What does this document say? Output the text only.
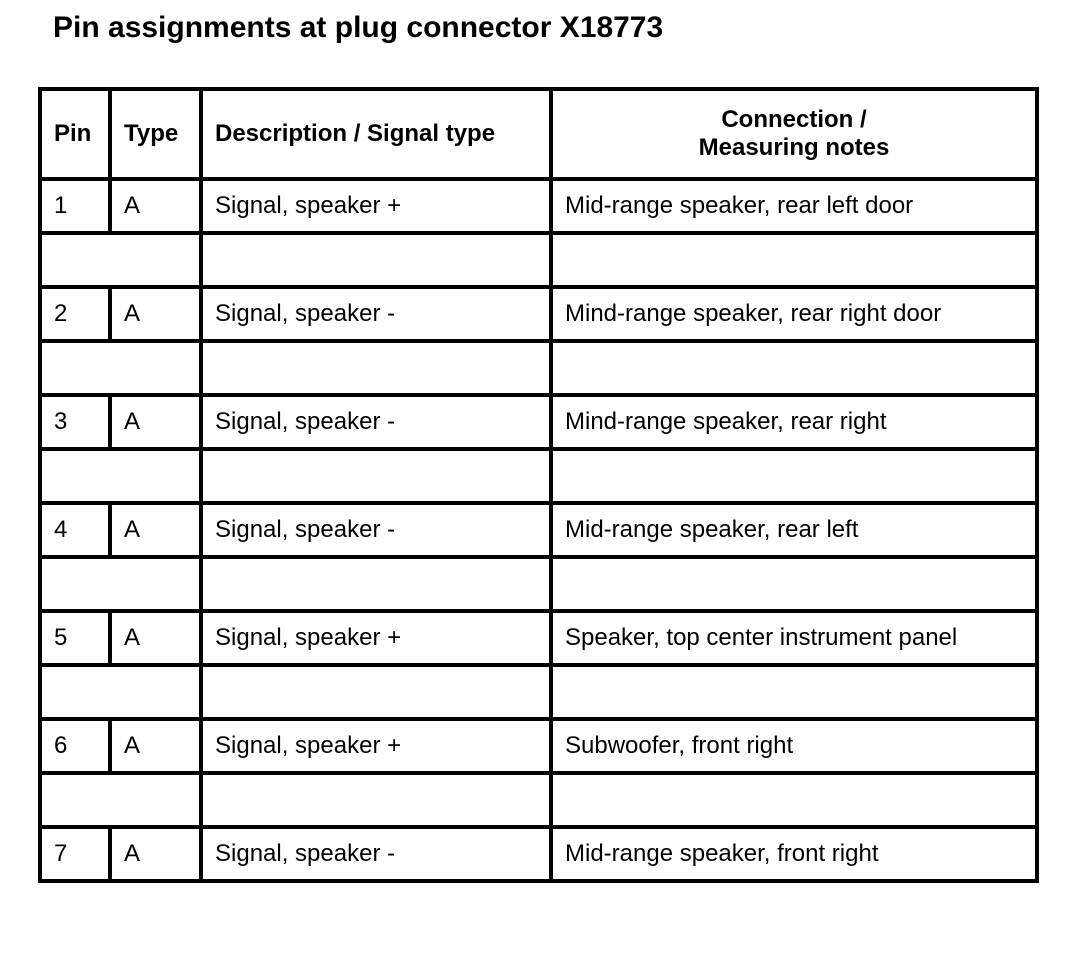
Pin assignments at plug connector X18773
Pin	Type	Description / Signal type	Connection /
Measuring notes
1	A	Signal, speaker +	Mid-range speaker, rear left door

2	A	Signal, speaker -	Mind-range speaker, rear right door

3	A	Signal, speaker -	Mind-range speaker, rear right

4	A	Signal, speaker -	Mid-range speaker, rear left

5	A	Signal, speaker +	Speaker, top center instrument panel

6	A	Signal, speaker +	Subwoofer, front right

7	A	Signal, speaker -	Mid-range speaker, front right
